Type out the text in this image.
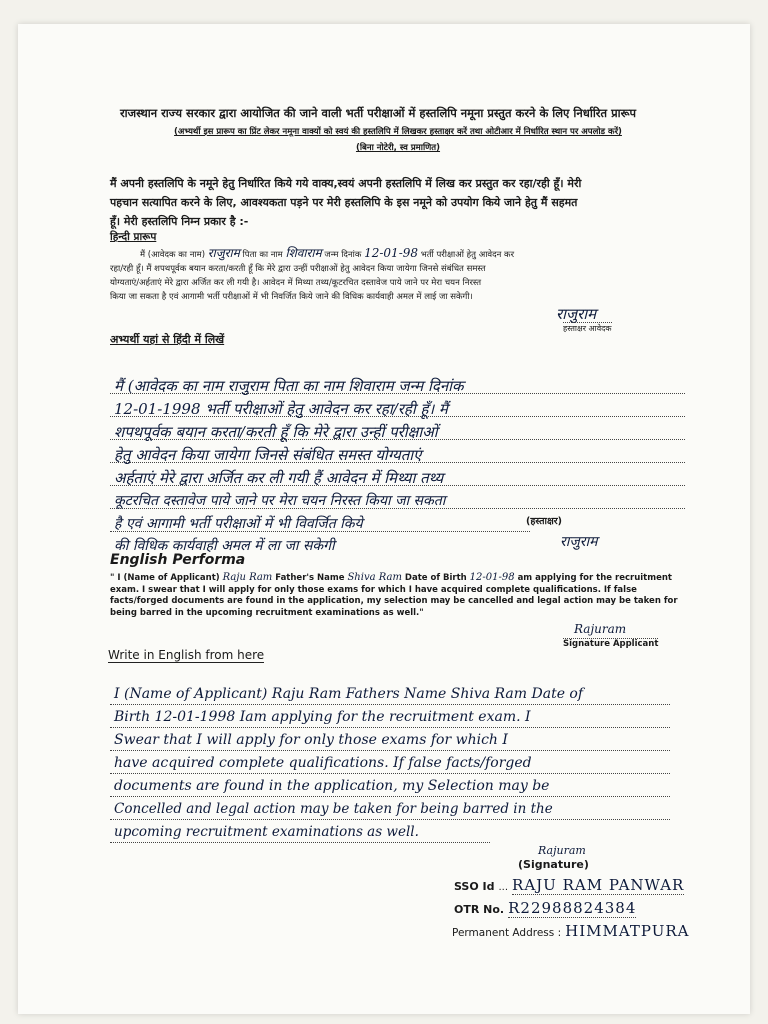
राजस्थान राज्य सरकार द्वारा आयोजित की जाने वाली भर्ती परीक्षाओं में हस्तलिपि नमूना प्रस्तुत करने के लिए निर्धारित प्रारूप
(अभ्यर्थी इस प्रारूप का प्रिंट लेकर नमूना वाक्यों को स्वयं की हस्तलिपि में लिखकर हस्ताक्षर करें तथा ओटीआर में निर्धारित स्थान पर अपलोड करें)
(बिना नोटेरी, स्व प्रमाणित)
मैं अपनी हस्तलिपि के नमूने हेतु निर्धारित किये गये वाक्य,स्वयं अपनी हस्तलिपि में लिख कर प्रस्तुत कर रहा/रही हूँ। मेरी
पहचान सत्यापित करने के लिए, आवश्यकता पड़ने पर मेरी हस्तलिपि के इस नमूने को उपयोग किये जाने हेतु मैं सहमत
हूँ। मेरी हस्तलिपि निम्न प्रकार है :-
हिन्दी प्रारूप
मैं (आवेदक का नाम) राजुराम पिता का नाम शिवाराम जन्म दिनांक 12-01-98 भर्ती परीक्षाओं हेतु आवेदन कर
रहा/रही हूँ। मैं शपथपूर्वक बयान करता/करती हूँ कि मेरे द्वारा उन्हीं परीक्षाओं हेतु आवेदन किया जायेगा जिनसे संबंधित समस्त
योग्यताएं/अर्हताएं मेरे द्वारा अर्जित कर ली गयी है। आवेदन में मिथ्या तथ्य/कूटरचित दस्तावेज पाये जाने पर मेरा चयन निरस्त
किया जा सकता है एवं आगामी भर्ती परीक्षाओं में भी निवर्जित किये जाने की विधिक कार्यवाही अमल में लाई जा सकेगी।
राजुराम
हस्ताक्षर आवेदक
अभ्यर्थी यहां से हिंदी में लिखें
मैं (आवेदक का नाम राजुराम पिता का नाम शिवाराम जन्म दिनांक
12-01-1998 भर्ती परीक्षाओं हेतु आवेदन कर रहा/रही हूँ। मैं
शपथपूर्वक बयान करता/करती हूँ कि मेरे द्वारा उन्हीं परीक्षाओं
हेतु आवेदन किया जायेगा जिनसे संबंधित समस्त योग्यताएं
अर्हताएं मेरे द्वारा अर्जित कर ली गयी हैं आवेदन में मिथ्या तथ्य
कूटरचित दस्तावेज पाये जाने पर मेरा चयन निरस्त किया जा सकता
है एवं आगामी भर्ती परीक्षाओं में भी विवर्जित किये
की विधिक कार्यवाही अमल में ला जा सकेगी
(हस्ताक्षर)
राजुराम
English Performa
" I (Name of Applicant) Raju Ram Father's Name Shiva Ram Date of Birth 12-01-98 am applying for the recruitment
exam. I swear that I will apply for only those exams for which I have acquired complete qualifications. If false
facts/forged documents are found in the application, my selection may be cancelled and legal action may be taken for
being barred in the upcoming recruitment examinations as well."
Rajuram
Signature Applicant
Write in English from here
I (Name of Applicant) Raju Ram Fathers Name Shiva Ram Date of
Birth 12-01-1998 Iam applying for the recruitment exam. I
Swear that I will apply for only those exams for which I
have acquired complete qualifications. If false facts/forged
documents are found in the application, my Selection may be
Concelled and legal action may be taken for being barred in the
upcoming recruitment examinations as well.
Rajuram
(Signature)
SSO Id ... RAJU RAM PANWAR
OTR No. R22988824384
Permanent Address : HIMMATPURA
